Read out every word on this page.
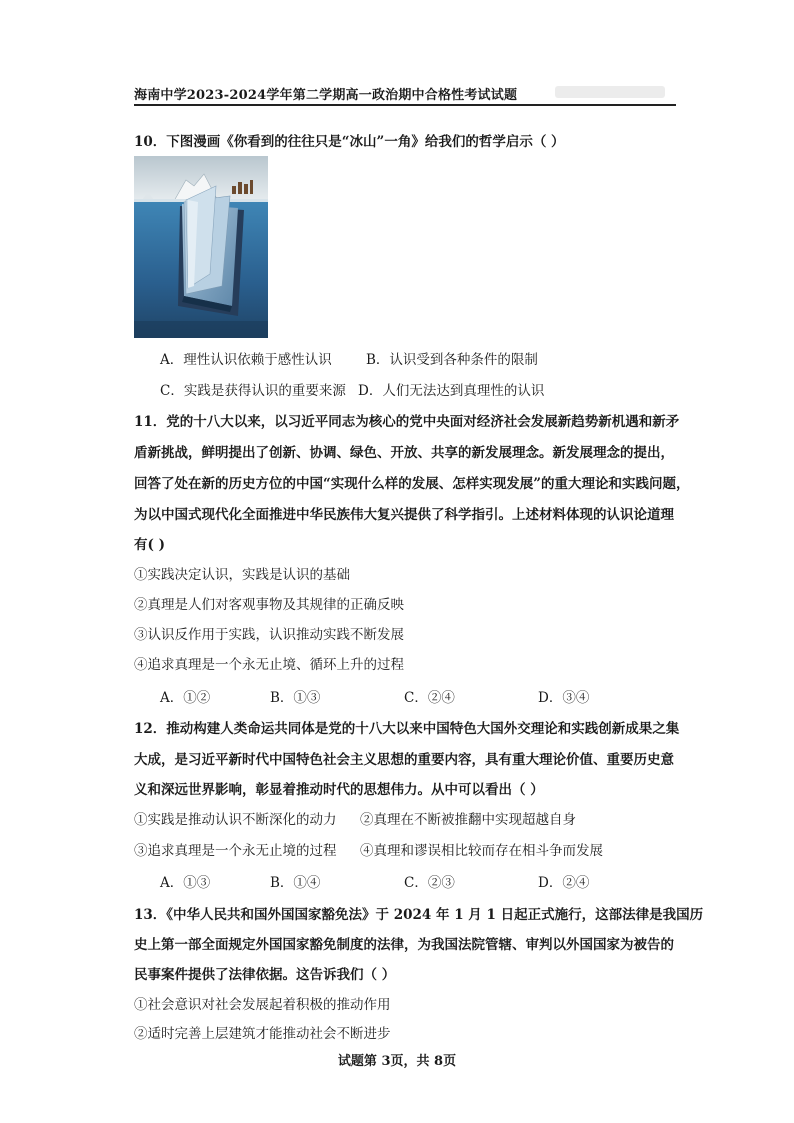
海南中学2023-2024学年第二学期高一政治期中合格性考试试题
10．下图漫画《你看到的往往只是“冰山”一角》给我们的哲学启示（ ）
A．理性认识依赖于感性认识	B．认识受到各种条件的限制
C．实践是获得认识的重要来源 D．人们无法达到真理性的认识
11．党的十八大以来，以习近平同志为核心的党中央面对经济社会发展新趋势新机遇和新矛
盾新挑战，鲜明提出了创新、协调、绿色、开放、共享的新发展理念。新发展理念的提出，
回答了处在新的历史方位的中国“实现什么样的发展、怎样实现发展”的重大理论和实践问题，
为以中国式现代化全面推进中华民族伟大复兴提供了科学指引。上述材料体现的认识论道理
有( )
①实践决定认识，实践是认识的基础
②真理是人们对客观事物及其规律的正确反映
③认识反作用于实践，认识推动实践不断发展
④追求真理是一个永无止境、循环上升的过程
A．①②	B．①③	C．②④	D．③④
12．推动构建人类命运共同体是党的十八大以来中国特色大国外交理论和实践创新成果之集
大成，是习近平新时代中国特色社会主义思想的重要内容，具有重大理论价值、重要历史意
义和深远世界影响，彰显着推动时代的思想伟力。从中可以看出（ ）
①实践是推动认识不断深化的动力 ②真理在不断被推翻中实现超越自身
③追求真理是一个永无止境的过程 ④真理和谬误相比较而存在相斗争而发展
A．①③	B．①④	C．②③	D．②④
13．《中华人民共和国外国国家豁免法》于 2024 年 1 月 1 日起正式施行，这部法律是我国历
史上第一部全面规定外国国家豁免制度的法律，为我国法院管辖、审判以外国国家为被告的
民事案件提供了法律依据。这告诉我们（ ）
①社会意识对社会发展起着积极的推动作用
②适时完善上层建筑才能推动社会不断进步
试题第 3页，共 8页
